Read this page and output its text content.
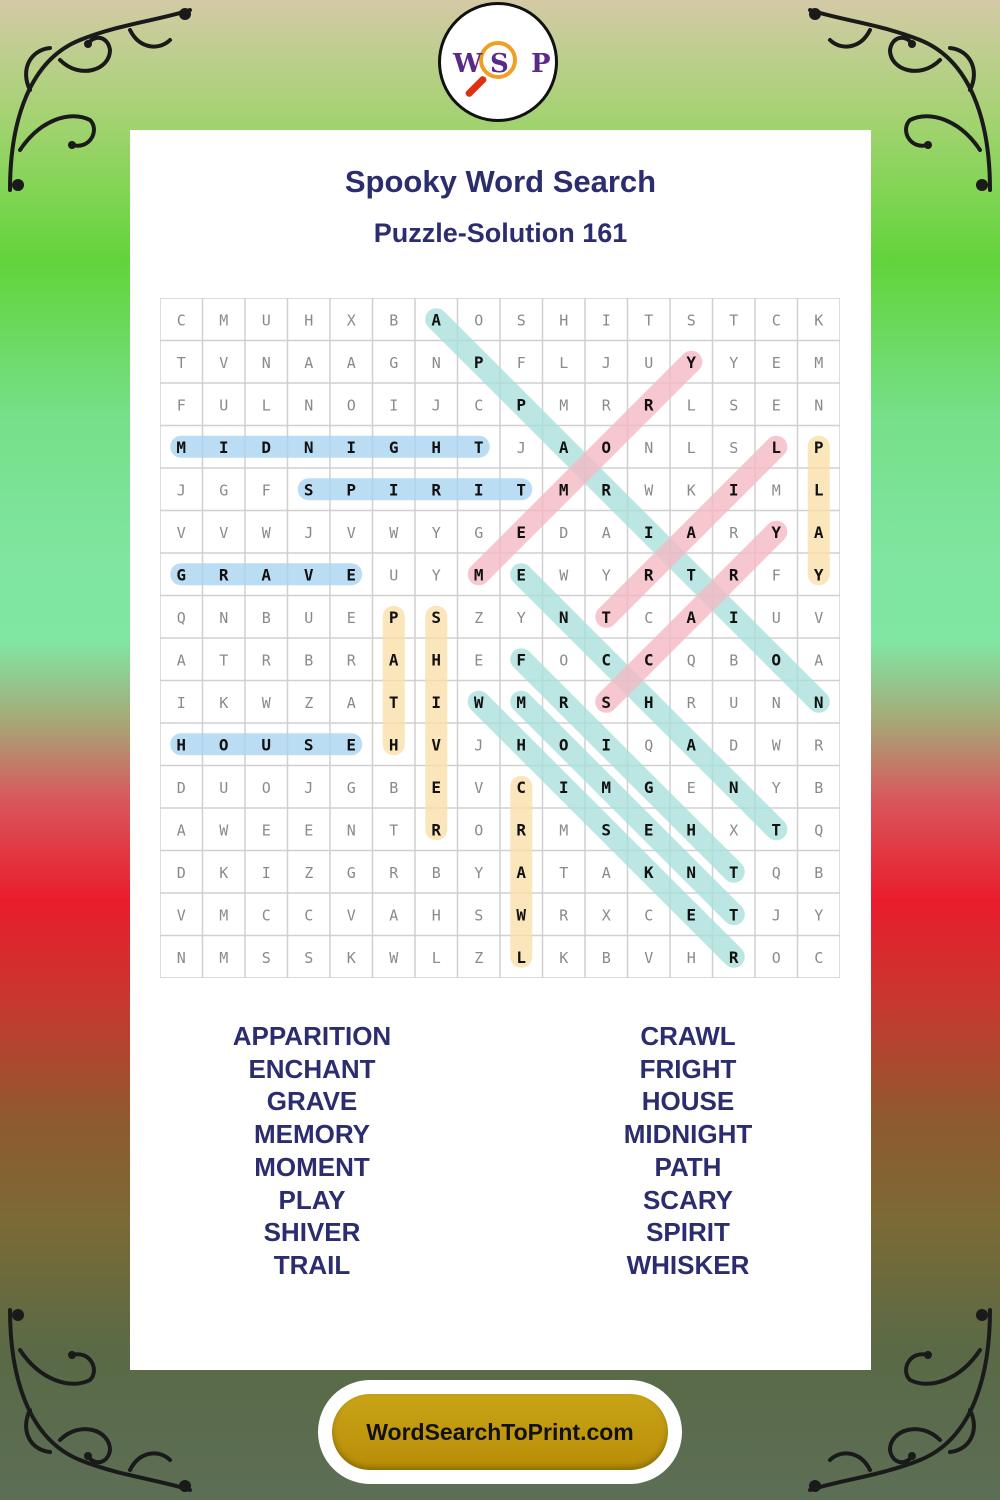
W S P
Spooky Word Search
Puzzle-Solution 161
C M U H X B A O S H I T S T C K
T V N A A G N P F L J U Y Y E M
F U L N O I J C P M R R L S E N
M I D N I G H T J A O N L S L P
J G F S P I R I T M R W K I M L
V V W J V W Y G E D A I A R Y A
G R A V E U Y M E W Y R T R F Y
Q N B U E P S Z Y N T C A I U V
A T R B R A H E F O C C Q B O A
I K W Z A T I W M R S H R U N N
H O U S E H V J H O I Q A D W R
D U O J G B E V C I M G E N Y B
A W E E N T R O R M S E H X T Q
D K I Z G R B Y A T A K N T Q B
V M C C V A H S W R X C E T J Y
N M S S K W L Z L K B V H R O C
APPARITION
ENCHANT
GRAVE
MEMORY
MOMENT
PLAY
SHIVER
TRAIL
CRAWL
FRIGHT
HOUSE
MIDNIGHT
PATH
SCARY
SPIRIT
WHISKER
WordSearchToPrint.com
